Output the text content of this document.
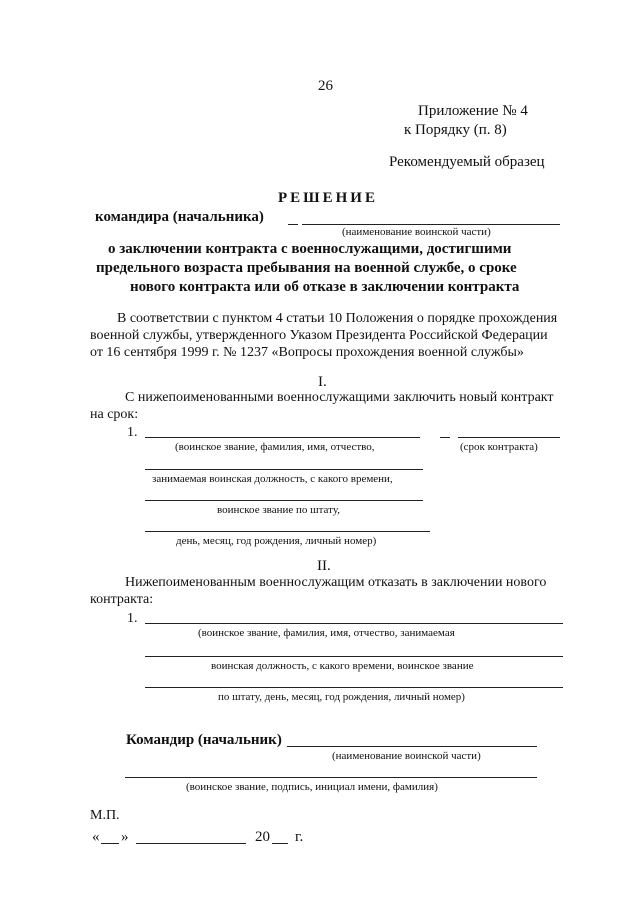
26
Приложение № 4
к Порядку (п. 8)
Рекомендуемый образец
РЕШЕНИЕ
командира (начальника)
(наименование воинской части)
о заключении контракта с военнослужащими, достигшими
предельного возраста пребывания на военной службе, о сроке
нового контракта или об отказе в заключении контракта
В соответствии с пунктом 4 статьи 10 Положения о порядке прохождения
военной службы, утвержденного Указом Президента Российской Федерации
от 16 сентября 1999 г. № 1237 «Вопросы прохождения военной службы»
I.
С нижепоименованными военнослужащими заключить новый контракт
на срок:
1.
(воинское звание, фамилия, имя, отчество,	(срок контракта)
занимаемая воинская должность, с какого времени,
воинское звание по штату,
день, месяц, год рождения, личный номер)
II.
Нижепоименованным военнослужащим отказать в заключении нового
контракта:
1.
(воинское звание, фамилия, имя, отчество, занимаемая
воинская должность, с какого времени, воинское звание
по штату, день, месяц, год рождения, личный номер)
Командир (начальник)
(наименование воинской части)
(воинское звание, подпись, инициал имени, фамилия)
М.П.
« »	20 г.
